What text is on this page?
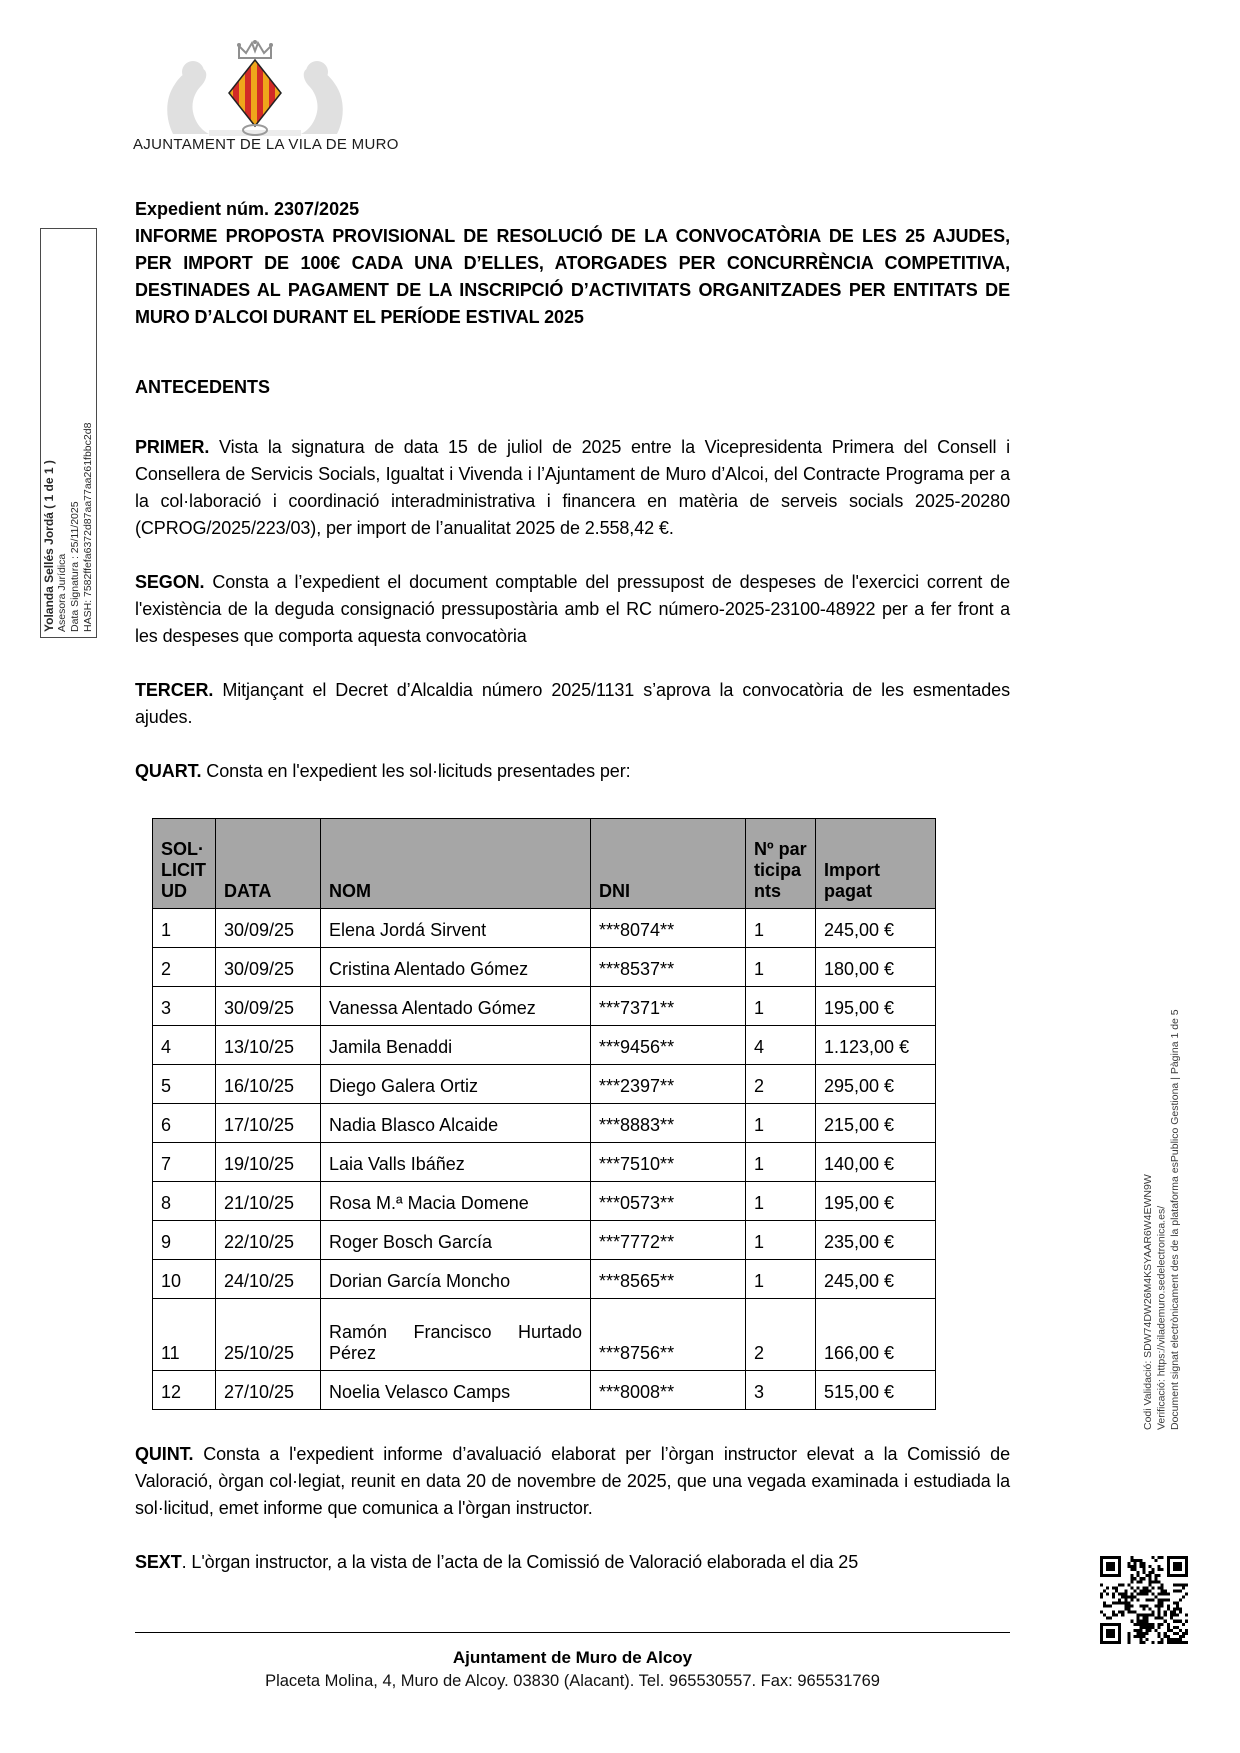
AJUNTAMENT DE LA VILA DE MURO
Yolanda Sellés Jordá ( 1 de 1 ) Asesora Jurídica Data Signatura : 25/11/2025 HASH: 7582ffefa6372d87aa77aa261fbbc2d8
Codi Validació: SDW74DW26M4KSYAAR6W4EWN9W Verificació: https://vilademuro.sedelectronica.es/ Document signat electrònicament des de la plataforma esPublico Gestiona | Pàgina 1 de 5
Expedient núm. 2307/2025
INFORME PROPOSTA PROVISIONAL DE RESOLUCIÓ DE LA CONVOCATÒRIA DE LES 25 AJUDES, PER IMPORT DE 100€ CADA UNA D’ELLES, ATORGADES PER CONCURRÈNCIA COMPETITIVA, DESTINADES AL PAGAMENT DE LA INSCRIPCIÓ D’ACTIVITATS ORGANITZADES PER ENTITATS DE MURO D’ALCOI DURANT EL PERÍODE ESTIVAL 2025
ANTECEDENTS
PRIMER. Vista la signatura de data 15 de juliol de 2025 entre la Vicepresidenta Primera del Consell i Consellera de Servicis Socials, Igualtat i Vivenda i l’Ajuntament de Muro d’Alcoi, del Contracte Programa per a la col·laboració i coordinació interadministrativa i financera en matèria de serveis socials 2025-20280 (CPROG/2025/223/03), per import de l’anualitat 2025 de 2.558,42 €.
SEGON. Consta a l’expedient el document comptable del pressupost de despeses de l'exercici corrent de l'existència de la deguda consignació pressupostària amb el RC número-2025-23100-48922 per a fer front a les despeses que comporta aquesta convocatòria
TERCER. Mitjançant el Decret d’Alcaldia número 2025/1131 s’aprova la convocatòria de les esmentades ajudes.
QUART. Consta en l'expedient les sol·licituds presentades per:
SOL·LICITUD	DATA	NOM	DNI	Nº participants	Import pagat
1	30/09/25	Elena Jordá Sirvent	***8074**	1	245,00 €
2	30/09/25	Cristina Alentado Gómez	***8537**	1	180,00 €
3	30/09/25	Vanessa Alentado Gómez	***7371**	1	195,00 €
4	13/10/25	Jamila Benaddi	***9456**	4	1.123,00 €
5	16/10/25	Diego Galera Ortiz	***2397**	2	295,00 €
6	17/10/25	Nadia Blasco Alcaide	***8883**	1	215,00 €
7	19/10/25	Laia Valls Ibáñez	***7510**	1	140,00 €
8	21/10/25	Rosa M.ª Macia Domene	***0573**	1	195,00 €
9	22/10/25	Roger Bosch García	***7772**	1	235,00 €
10	24/10/25	Dorian García Moncho	***8565**	1	245,00 €
11	25/10/25	Ramón Francisco Hurtado Pérez	***8756**	2	166,00 €
12	27/10/25	Noelia Velasco Camps	***8008**	3	515,00 €
QUINT. Consta a l'expedient informe d’avaluació elaborat per l’òrgan instructor elevat a la Comissió de Valoració, òrgan col·legiat, reunit en data 20 de novembre de 2025, que una vegada examinada i estudiada la sol·licitud, emet informe que comunica a l'òrgan instructor.
SEXT. L'òrgan instructor, a la vista de l’acta de la Comissió de Valoració elaborada el dia 25
Ajuntament de Muro de Alcoy
Placeta Molina, 4, Muro de Alcoy. 03830 (Alacant). Tel. 965530557. Fax: 965531769
